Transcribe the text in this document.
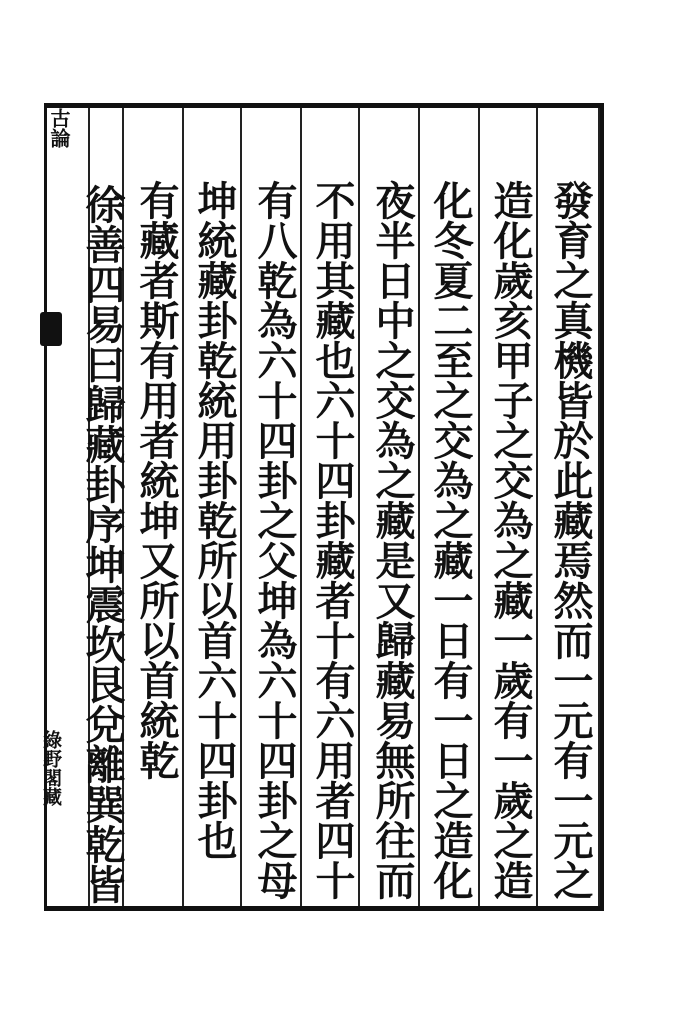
古論
綠野閣藏	發育之真機皆於此藏焉然而一元有一元之
造化歲亥甲子之交為之藏一歲有一歲之造
化冬夏二至之交為之藏一日有一日之造化
夜半日中之交為之藏是又歸藏易無所往而
不用其藏也六十四卦藏者十有六用者四十
有八乾為六十四卦之父坤為六十四卦之母
坤統藏卦乾統用卦乾所以首六十四卦也
有藏者斯有用者統坤又所以首統乾
徐善四易曰歸藏卦序坤震坎艮兌離巽乾皆
